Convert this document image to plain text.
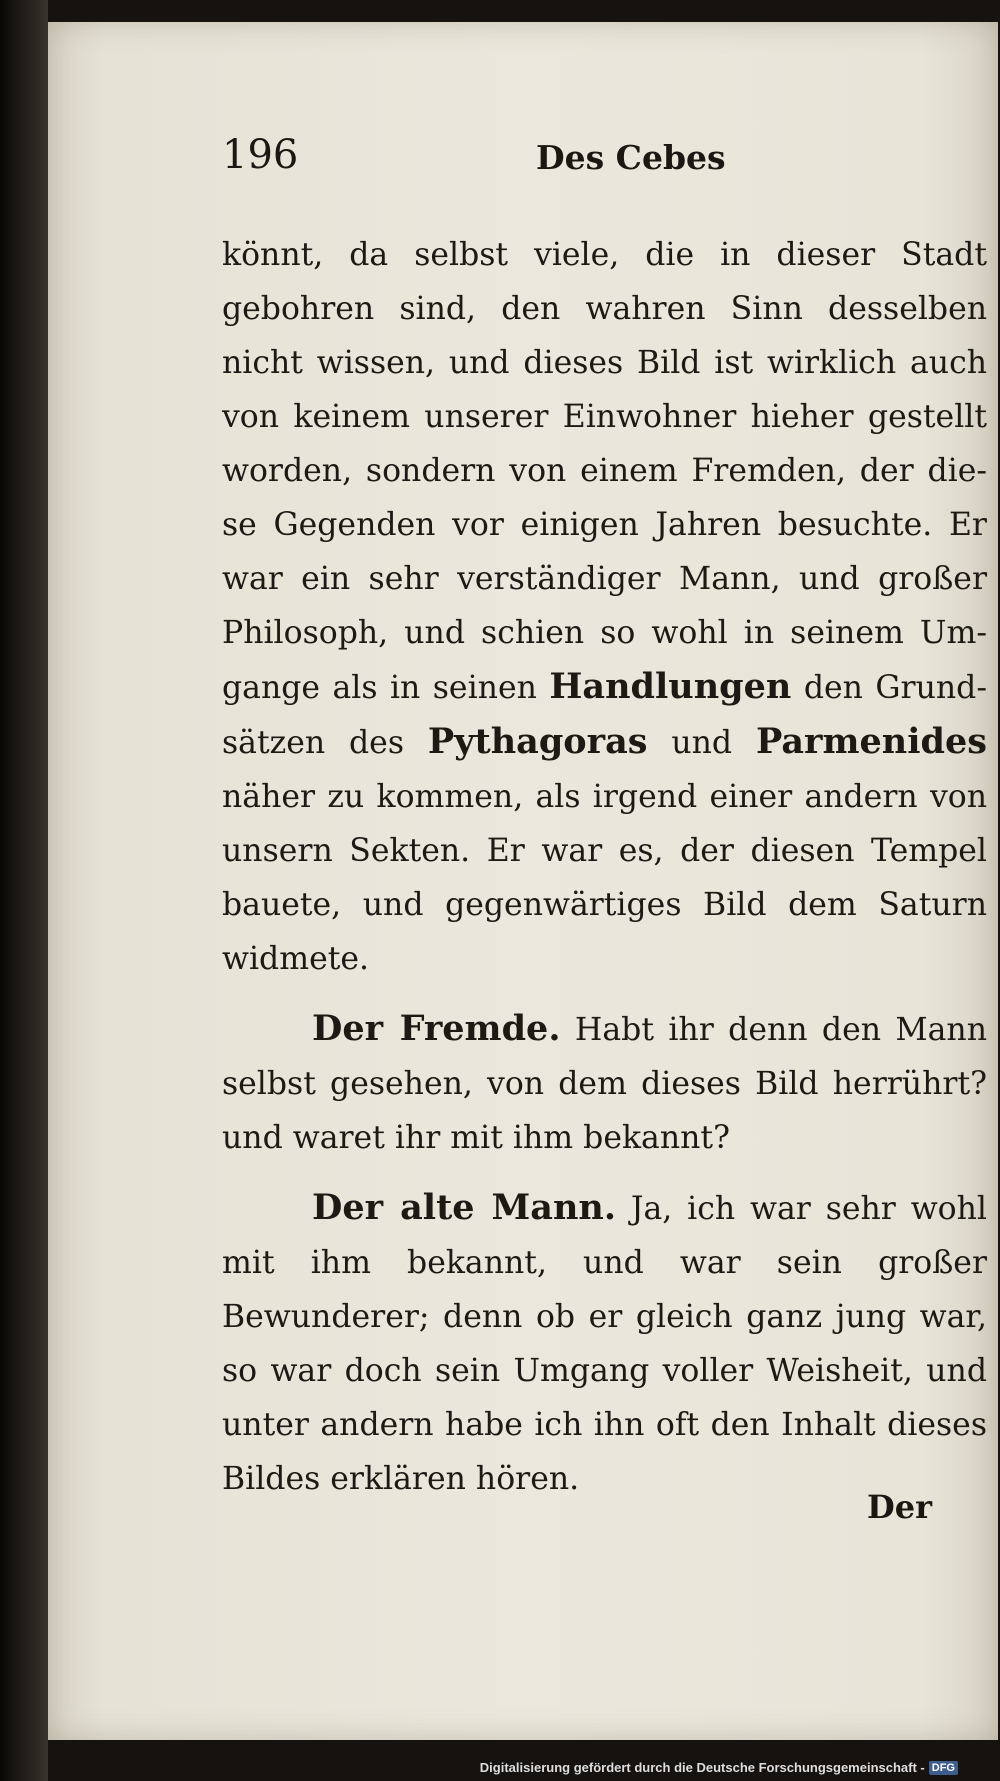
196	Des Cebes

könnt, da selbst viele, die in dieser Stadt gebohren sind, den wahren Sinn desselben nicht wissen, und dieses Bild ist wirklich auch von keinem unserer Einwohner hieher gestellt worden, sondern von einem Fremden, der diese Gegenden vor einigen Jahren besuchte. Er war ein sehr verständiger Mann, und großer Philosoph, und schien so wohl in seinem Umgange als in seinen Handlungen den Grundsätzen des Pythagoras und Parmenides näher zu kommen, als irgend einer andern von unsern Sekten. Er war es, der diesen Tempel bauete, und gegenwärtiges Bild dem Saturn widmete.

Der Fremde. Habt ihr denn den Mann selbst gesehen, von dem dieses Bild herrührt? und waret ihr mit ihm bekannt?

Der alte Mann. Ja, ich war sehr wohl mit ihm bekannt, und war sein großer Bewunderer; denn ob er gleich ganz jung war, so war doch sein Umgang voller Weisheit, und unter andern habe ich ihn oft den Inhalt dieses Bildes erklären hören.

Der
Digitalisierung gefördert durch die Deutsche Forschungsgemeinschaft - DFG
